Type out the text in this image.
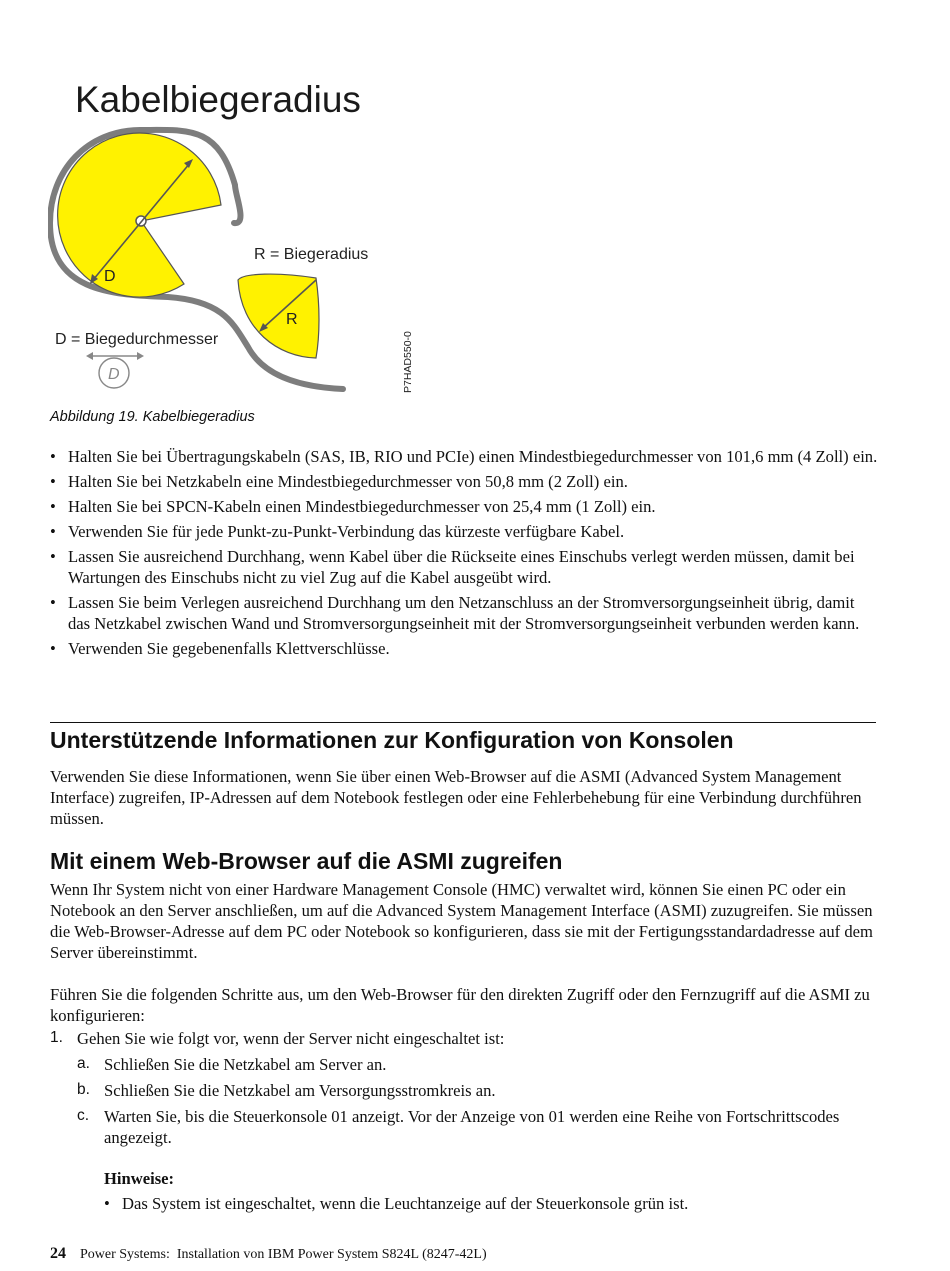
Kabelbiegeradius
D
R
R = Biegeradius
D = Biegedurchmesser
D	P7HAD550-0
Abbildung 19. Kabelbiegeradius
• Halten Sie bei Übertragungskabeln (SAS, IB, RIO und PCIe) einen Mindestbiegedurchmesser von 101,6 mm (4 Zoll) ein.
• Halten Sie bei Netzkabeln eine Mindestbiegedurchmesser von 50,8 mm (2 Zoll) ein.
• Halten Sie bei SPCN-Kabeln einen Mindestbiegedurchmesser von 25,4 mm (1 Zoll) ein.
• Verwenden Sie für jede Punkt-zu-Punkt-Verbindung das kürzeste verfügbare Kabel.
• Lassen Sie ausreichend Durchhang, wenn Kabel über die Rückseite eines Einschubs verlegt werden müssen, damit bei Wartungen des Einschubs nicht zu viel Zug auf die Kabel ausgeübt wird.
• Lassen Sie beim Verlegen ausreichend Durchhang um den Netzanschluss an der Stromversorgungseinheit übrig, damit das Netzkabel zwischen Wand und Stromversorgungseinheit mit der Stromversorgungseinheit verbunden werden kann.
• Verwenden Sie gegebenenfalls Klettverschlüsse.
Unterstützende Informationen zur Konfiguration von Konsolen

Verwenden Sie diese Informationen, wenn Sie über einen Web-Browser auf die ASMI (Advanced System Management Interface) zugreifen, IP-Adressen auf dem Notebook festlegen oder eine Fehlerbehebung für eine Verbindung durchführen müssen.

Mit einem Web-Browser auf die ASMI zugreifen

Wenn Ihr System nicht von einer Hardware Management Console (HMC) verwaltet wird, können Sie einen PC oder ein Notebook an den Server anschließen, um auf die Advanced System Management Interface (ASMI) zuzugreifen. Sie müssen die Web-Browser-Adresse auf dem PC oder Notebook so konfigurieren, dass sie mit der Fertigungsstandardadresse auf dem Server übereinstimmt.

Führen Sie die folgenden Schritte aus, um den Web-Browser für den direkten Zugriff oder den Fernzugriff auf die ASMI zu konfigurieren:

1. Gehen Sie wie folgt vor, wenn der Server nicht eingeschaltet ist:
a. Schließen Sie die Netzkabel am Server an.
b. Schließen Sie die Netzkabel am Versorgungsstromkreis an.
c. Warten Sie, bis die Steuerkonsole 01 anzeigt. Vor der Anzeige von 01 werden eine Reihe von Fortschrittscodes angezeigt.
Hinweise:
• Das System ist eingeschaltet, wenn die Leuchtanzeige auf der Steuerkonsole grün ist.
24 Power Systems:  Installation von IBM Power System S824L (8247-42L)
